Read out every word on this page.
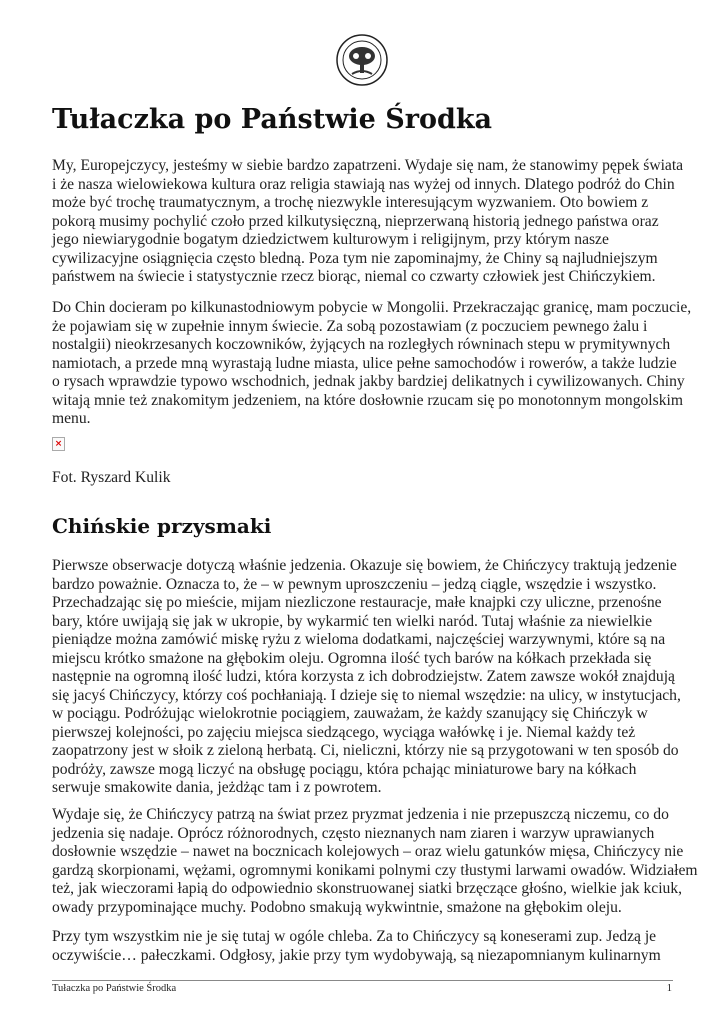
Tułaczka po Państwie Środka
My, Europejczycy, jesteśmy w siebie bardzo zapatrzeni. Wydaje się nam, że stanowimy pępek świata
i że nasza wielowiekowa kultura oraz religia stawiają nas wyżej od innych. Dlatego podróż do Chin
może być trochę traumatycznym, a trochę niezwykle interesującym wyzwaniem. Oto bowiem z
pokorą musimy pochylić czoło przed kilkutysięczną, nieprzerwaną historią jednego państwa oraz
jego niewiarygodnie bogatym dziedzictwem kulturowym i religijnym, przy którym nasze
cywilizacyjne osiągnięcia często bledną. Poza tym nie zapominajmy, że Chiny są najludniejszym
państwem na świecie i statystycznie rzecz biorąc, niemal co czwarty człowiek jest Chińczykiem.
Do Chin docieram po kilkunastodniowym pobycie w Mongolii. Przekraczając granicę, mam poczucie,
że pojawiam się w zupełnie innym świecie. Za sobą pozostawiam (z poczuciem pewnego żalu i
nostalgii) nieokrzesanych koczowników, żyjących na rozległych równinach stepu w prymitywnych
namiotach, a przede mną wyrastają ludne miasta, ulice pełne samochodów i rowerów, a także ludzie
o rysach wprawdzie typowo wschodnich, jednak jakby bardziej delikatnych i cywilizowanych. Chiny
witają mnie też znakomitym jedzeniem, na które dosłownie rzucam się po monotonnym mongolskim
menu.
×
Fot. Ryszard Kulik
Chińskie przysmaki
Pierwsze obserwacje dotyczą właśnie jedzenia. Okazuje się bowiem, że Chińczycy traktują jedzenie
bardzo poważnie. Oznacza to, że – w pewnym uproszczeniu – jedzą ciągle, wszędzie i wszystko.
Przechadzając się po mieście, mijam niezliczone restauracje, małe knajpki czy uliczne, przenośne
bary, które uwijają się jak w ukropie, by wykarmić ten wielki naród. Tutaj właśnie za niewielkie
pieniądze można zamówić miskę ryżu z wieloma dodatkami, najczęściej warzywnymi, które są na
miejscu krótko smażone na głębokim oleju. Ogromna ilość tych barów na kółkach przekłada się
następnie na ogromną ilość ludzi, która korzysta z ich dobrodziejstw. Zatem zawsze wokół znajdują
się jacyś Chińczycy, którzy coś pochłaniają. I dzieje się to niemal wszędzie: na ulicy, w instytucjach,
w pociągu. Podróżując wielokrotnie pociągiem, zauważam, że każdy szanujący się Chińczyk w
pierwszej kolejności, po zajęciu miejsca siedzącego, wyciąga wałówkę i je. Niemal każdy też
zaopatrzony jest w słoik z zieloną herbatą. Ci, nieliczni, którzy nie są przygotowani w ten sposób do
podróży, zawsze mogą liczyć na obsługę pociągu, która pchając miniaturowe bary na kółkach
serwuje smakowite dania, jeżdżąc tam i z powrotem.
Wydaje się, że Chińczycy patrzą na świat przez pryzmat jedzenia i nie przepuszczą niczemu, co do
jedzenia się nadaje. Oprócz różnorodnych, często nieznanych nam ziaren i warzyw uprawianych
dosłownie wszędzie – nawet na bocznicach kolejowych – oraz wielu gatunków mięsa, Chińczycy nie
gardzą skorpionami, wężami, ogromnymi konikami polnymi czy tłustymi larwami owadów. Widziałem
też, jak wieczorami łapią do odpowiednio skonstruowanej siatki brzęczące głośno, wielkie jak kciuk,
owady przypominające muchy. Podobno smakują wykwintnie, smażone na głębokim oleju.
Przy tym wszystkim nie je się tutaj w ogóle chleba. Za to Chińczycy są koneserami zup. Jedzą je
oczywiście… pałeczkami. Odgłosy, jakie przy tym wydobywają, są niezapomnianym kulinarnym
Tułaczka po Państwie Środka	1
